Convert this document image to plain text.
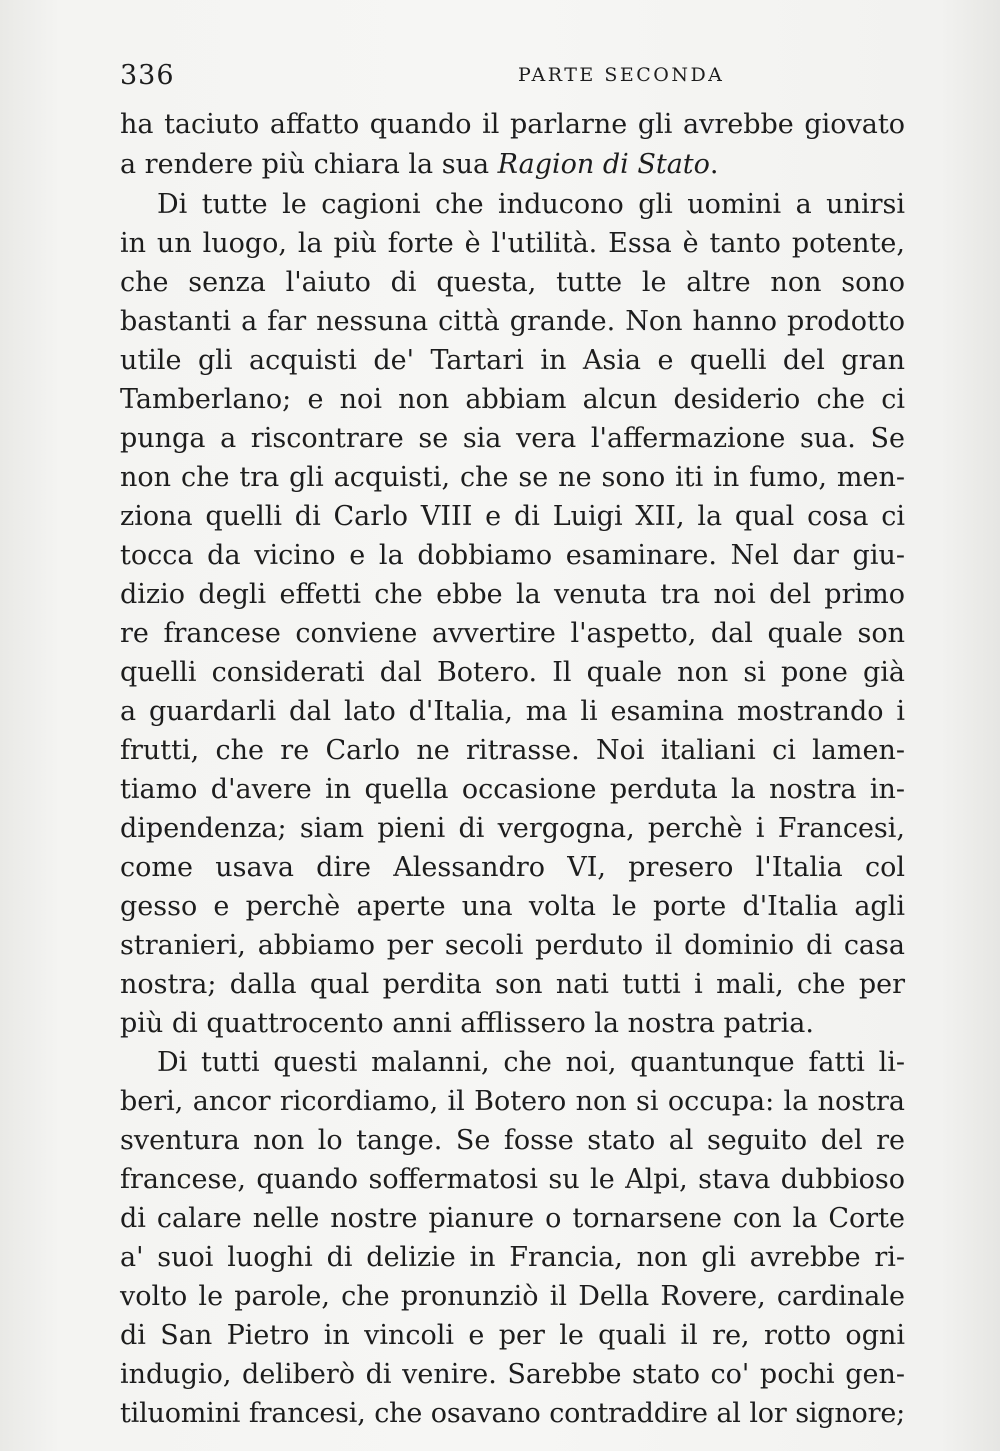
336	PARTE SECONDA
ha taciuto affatto quando il parlarne gli avrebbe giovato
a rendere più chiara la sua Ragion di Stato.
Di tutte le cagioni che inducono gli uomini a unirsi
in un luogo, la più forte è l'utilità. Essa è tanto potente,
che senza l'aiuto di questa, tutte le altre non sono
bastanti a far nessuna città grande. Non hanno prodotto
utile gli acquisti de' Tartari in Asia e quelli del gran
Tamberlano; e noi non abbiam alcun desiderio che ci
punga a riscontrare se sia vera l'affermazione sua. Se
non che tra gli acquisti, che se ne sono iti in fumo, men-
ziona quelli di Carlo VIII e di Luigi XII, la qual cosa ci
tocca da vicino e la dobbiamo esaminare. Nel dar giu-
dizio degli effetti che ebbe la venuta tra noi del primo
re francese conviene avvertire l'aspetto, dal quale son
quelli considerati dal Botero. Il quale non si pone già
a guardarli dal lato d'Italia, ma li esamina mostrando i
frutti, che re Carlo ne ritrasse. Noi italiani ci lamen-
tiamo d'avere in quella occasione perduta la nostra in-
dipendenza; siam pieni di vergogna, perchè i Francesi,
come usava dire Alessandro VI, presero l'Italia col
gesso e perchè aperte una volta le porte d'Italia agli
stranieri, abbiamo per secoli perduto il dominio di casa
nostra; dalla qual perdita son nati tutti i mali, che per
più di quattrocento anni afflissero la nostra patria.
Di tutti questi malanni, che noi, quantunque fatti li-
beri, ancor ricordiamo, il Botero non si occupa: la nostra
sventura non lo tange. Se fosse stato al seguito del re
francese, quando soffermatosi su le Alpi, stava dubbioso
di calare nelle nostre pianure o tornarsene con la Corte
a' suoi luoghi di delizie in Francia, non gli avrebbe ri-
volto le parole, che pronunziò il Della Rovere, cardinale
di San Pietro in vincoli e per le quali il re, rotto ogni
indugio, deliberò di venire. Sarebbe stato co' pochi gen-
tiluomini francesi, che osavano contraddire al lor signore;
